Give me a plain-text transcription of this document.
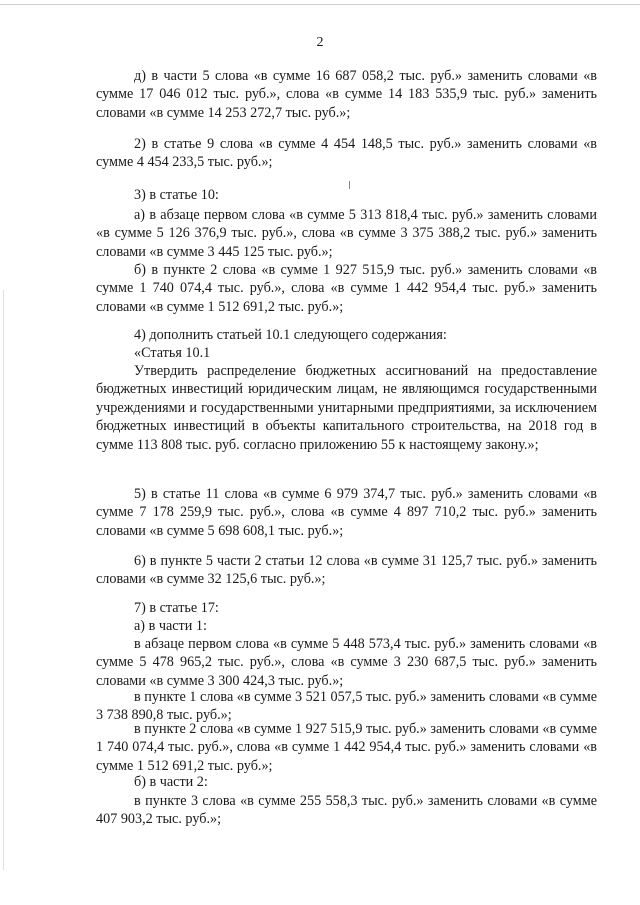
2

д) в части 5 слова «в сумме 16 687 058,2 тыс. руб.» заменить словами «в сумме 17 046 012 тыс. руб.», слова «в сумме 14 183 535,9 тыс. руб.» заменить словами «в сумме 14 253 272,7 тыс. руб.»;

2) в статье 9 слова «в сумме 4 454 148,5 тыс. руб.» заменить словами «в сумме 4 454 233,5 тыс. руб.»;

3) в статье 10:

а) в абзаце первом слова «в сумме 5 313 818,4 тыс. руб.» заменить словами «в сумме 5 126 376,9 тыс. руб.», слова «в сумме 3 375 388,2 тыс. руб.» заменить словами «в сумме 3 445 125 тыс. руб.»;

б) в пункте 2 слова «в сумме 1 927 515,9 тыс. руб.» заменить словами «в сумме 1 740 074,4 тыс. руб.», слова «в сумме 1 442 954,4 тыс. руб.» заменить словами «в сумме 1 512 691,2 тыс. руб.»;

4) дополнить статьей 10.1 следующего содержания:

«Статья 10.1

Утвердить распределение бюджетных ассигнований на предоставление бюджетных инвестиций юридическим лицам, не являющимся государственными учреждениями и государственными унитарными предприятиями, за исключением бюджетных инвестиций в объекты капитального строительства, на 2018 год в сумме 113 808 тыс. руб. согласно приложению 55 к настоящему закону.»;

5) в статье 11 слова «в сумме 6 979 374,7 тыс. руб.» заменить словами «в сумме 7 178 259,9 тыс. руб.», слова «в сумме 4 897 710,2 тыс. руб.» заменить словами «в сумме 5 698 608,1 тыс. руб.»;

6) в пункте 5 части 2 статьи 12 слова «в сумме 31 125,7 тыс. руб.» заменить словами «в сумме 32 125,6 тыс. руб.»;

7) в статье 17:

а) в части 1:

в абзаце первом слова «в сумме 5 448 573,4 тыс. руб.» заменить словами «в сумме 5 478 965,2 тыс. руб.», слова «в сумме 3 230 687,5 тыс. руб.» заменить словами «в сумме 3 300 424,3 тыс. руб.»;

в пункте 1 слова «в сумме 3 521 057,5 тыс. руб.» заменить словами «в сумме 3 738 890,8 тыс. руб.»;

в пункте 2 слова «в сумме 1 927 515,9 тыс. руб.» заменить словами «в сумме 1 740 074,4 тыс. руб.», слова «в сумме 1 442 954,4 тыс. руб.» заменить словами «в сумме 1 512 691,2 тыс. руб.»;

б) в части 2:

в пункте 3 слова «в сумме 255 558,3 тыс. руб.» заменить словами «в сумме 407 903,2 тыс. руб.»;
